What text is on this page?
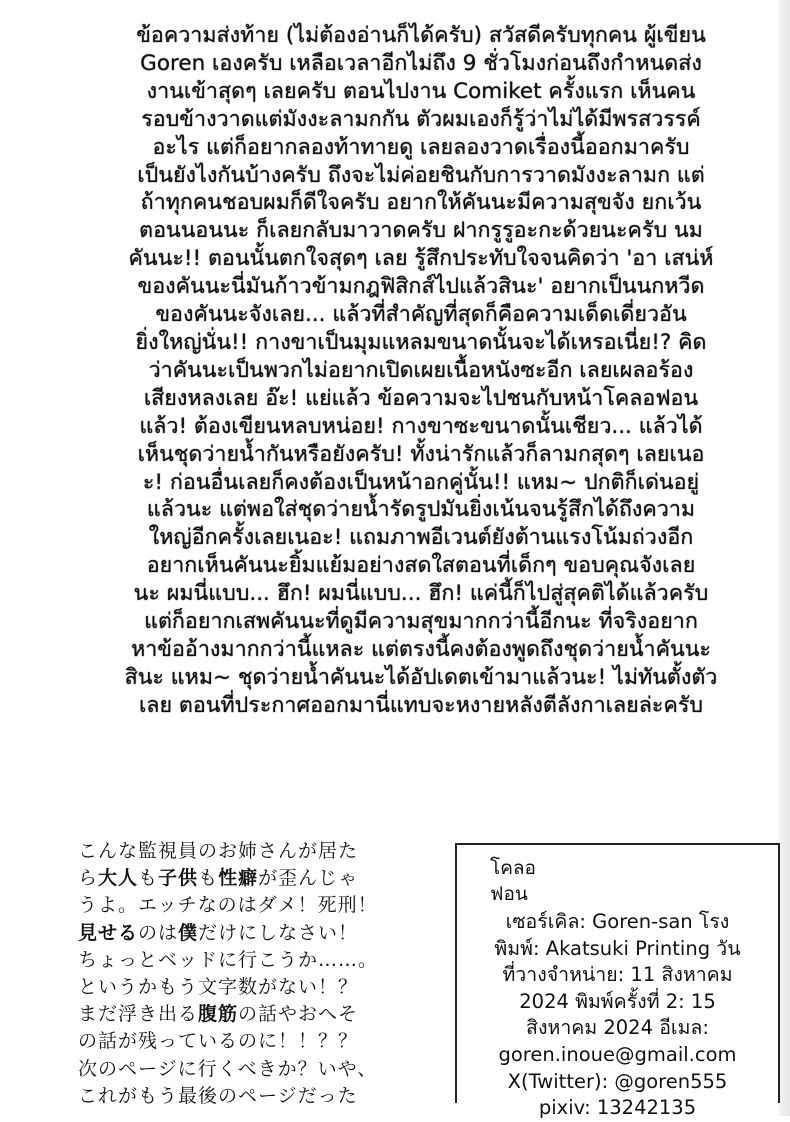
ข้อความส่งท้าย (ไม่ต้องอ่านก็ได้ครับ) สวัสดีครับทุกคน ผู้เขียน
Goren เองครับ เหลือเวลาอีกไม่ถึง 9 ชั่วโมงก่อนถึงกำหนดส่ง
งานเข้าสุดๆ เลยครับ ตอนไปงาน Comiket ครั้งแรก เห็นคน
รอบข้างวาดแต่มังงะลามกกัน ตัวผมเองก็รู้ว่าไม่ได้มีพรสวรรค์
อะไร แต่ก็อยากลองท้าทายดู เลยลองวาดเรื่องนี้ออกมาครับ
เป็นยังไงกันบ้างครับ ถึงจะไม่ค่อยชินกับการวาดมังงะลามก แต่
ถ้าทุกคนชอบผมก็ดีใจครับ อยากให้คันนะมีความสุขจัง ยกเว้น
ตอนนอนนะ ก็เลยกลับมาวาดครับ ฝากรูรูอะกะด้วยนะครับ นม
คันนะ!! ตอนนั้นตกใจสุดๆ เลย รู้สึกประทับใจจนคิดว่า 'อา เสน่ห์
ของคันนะนี่มันก้าวข้ามกฎฟิสิกส์ไปแล้วสินะ' อยากเป็นนกหวีด
ของคันนะจังเลย... แล้วที่สำคัญที่สุดก็คือความเด็ดเดี่ยวอัน
ยิ่งใหญ่นั่น!! กางขาเป็นมุมแหลมขนาดนั้นจะได้เหรอเนี่ย!? คิด
ว่าคันนะเป็นพวกไม่อยากเปิดเผยเนื้อหนังซะอีก เลยเผลอร้อง
เสียงหลงเลย อ๊ะ! แย่แล้ว ข้อความจะไปชนกับหน้าโคลอฟอน
แล้ว! ต้องเขียนหลบหน่อย! กางขาซะขนาดนั้นเชียว... แล้วได้
เห็นชุดว่ายน้ำกันหรือยังครับ! ทั้งน่ารักแล้วก็ลามกสุดๆ เลยเนอ
ะ! ก่อนอื่นเลยก็คงต้องเป็นหน้าอกคู่นั้น!! แหม~ ปกติก็เด่นอยู่
แล้วนะ แต่พอใส่ชุดว่ายน้ำรัดรูปมันยิ่งเน้นจนรู้สึกได้ถึงความ
ใหญ่อีกครั้งเลยเนอะ! แถมภาพอีเวนต์ยังต้านแรงโน้มถ่วงอีก
อยากเห็นคันนะยิ้มแย้มอย่างสดใสตอนที่เด็กๆ ขอบคุณจังเลย
นะ ผมนี่แบบ... ฮึก! ผมนี่แบบ... ฮึก! แค่นี้ก็ไปสู่สุคติได้แล้วครับ
แต่ก็อยากเสพคันนะที่ดูมีความสุขมากกว่านี้อีกนะ ที่จริงอยาก
หาข้ออ้างมากกว่านี้แหละ แต่ตรงนี้คงต้องพูดถึงชุดว่ายน้ำคันนะ
สินะ แหม~ ชุดว่ายน้ำคันนะได้อัปเดตเข้ามาแล้วนะ! ไม่ทันตั้งตัว
เลย ตอนที่ประกาศออกมานี่แทบจะหงายหลังตีลังกาเลยล่ะครับ
こんな監視員のお姉さんが居た
ら大人も子供も性癖が歪んじゃ
うよ。エッチなのはダメ！死刑！
見せるのは僕だけにしなさい！
ちょっとベッドに行こうか……。
というかもう文字数がない！？
まだ浮き出る腹筋の話やおへそ
の話が残っているのに！！？？
次のページに行くべきか？いや、
これがもう最後のページだった
โคลอ
ฟอน
เซอร์เคิล: Goren-san โรง
พิมพ์: Akatsuki Printing วัน
ที่วางจำหน่าย: 11 สิงหาคม
2024 พิมพ์ครั้งที่ 2: 15
สิงหาคม 2024 อีเมล:
goren.inoue@gmail.com
X(Twitter): @goren555
pixiv: 13242135
